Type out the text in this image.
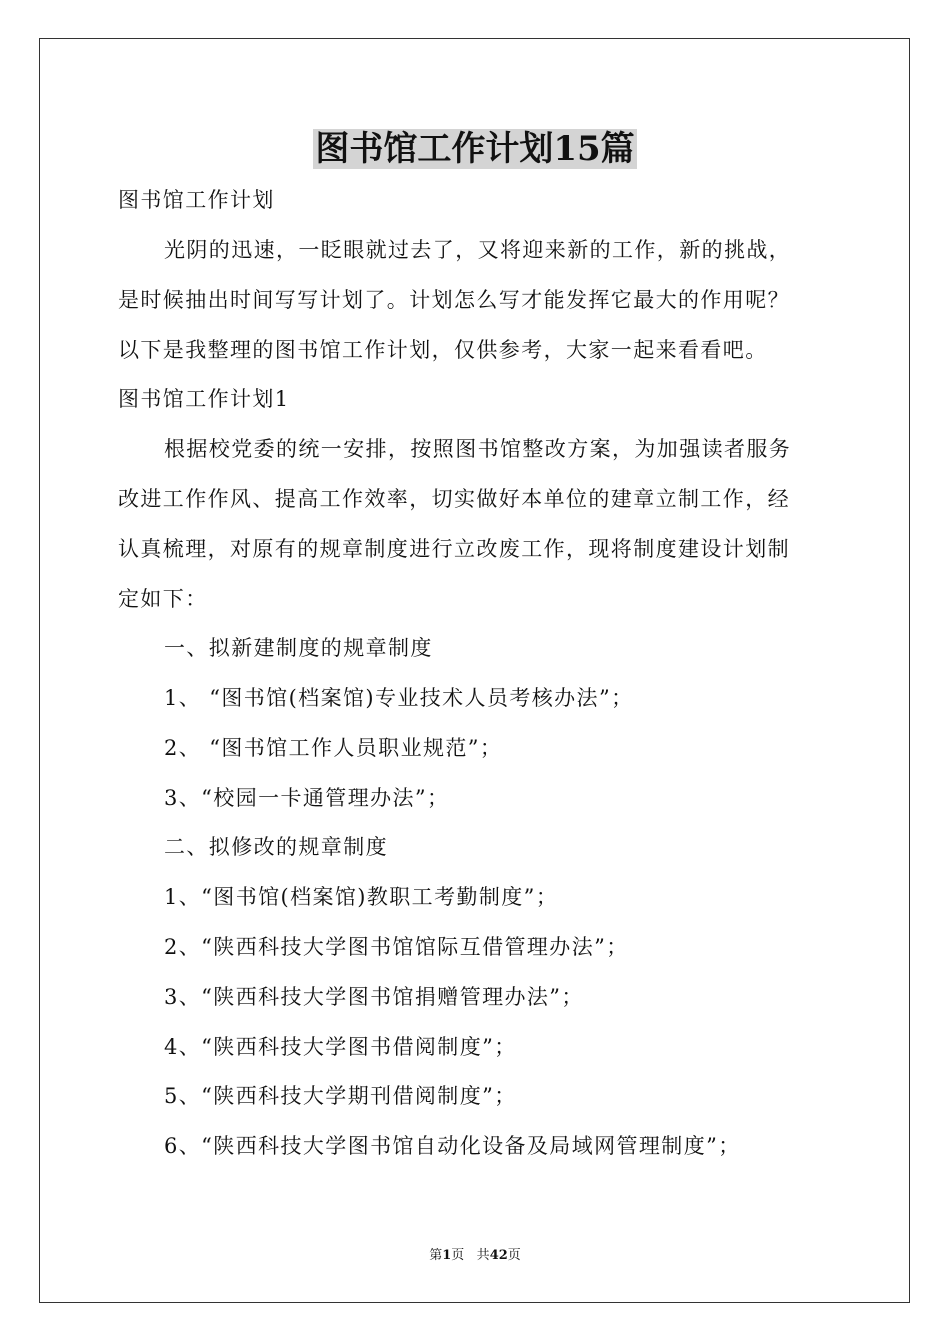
图书馆工作计划15篇
图书馆工作计划
光阴的迅速，一眨眼就过去了，又将迎来新的工作，新的挑战，
是时候抽出时间写写计划了。计划怎么写才能发挥它最大的作用呢？
以下是我整理的图书馆工作计划，仅供参考，大家一起来看看吧。
图书馆工作计划1
根据校党委的统一安排，按照图书馆整改方案，为加强读者服务
改进工作作风、提高工作效率，切实做好本单位的建章立制工作，经
认真梳理，对原有的规章制度进行立改废工作，现将制度建设计划制
定如下：
一、拟新建制度的规章制度
1、 “图书馆(档案馆)专业技术人员考核办法”；
2、 “图书馆工作人员职业规范”；
3、“校园一卡通管理办法”；
二、拟修改的规章制度
1、“图书馆(档案馆)教职工考勤制度”；
2、“陕西科技大学图书馆馆际互借管理办法”；
3、“陕西科技大学图书馆捐赠管理办法”；
4、“陕西科技大学图书借阅制度”；
5、“陕西科技大学期刊借阅制度”；
6、“陕西科技大学图书馆自动化设备及局域网管理制度”；
第1页 共42页
